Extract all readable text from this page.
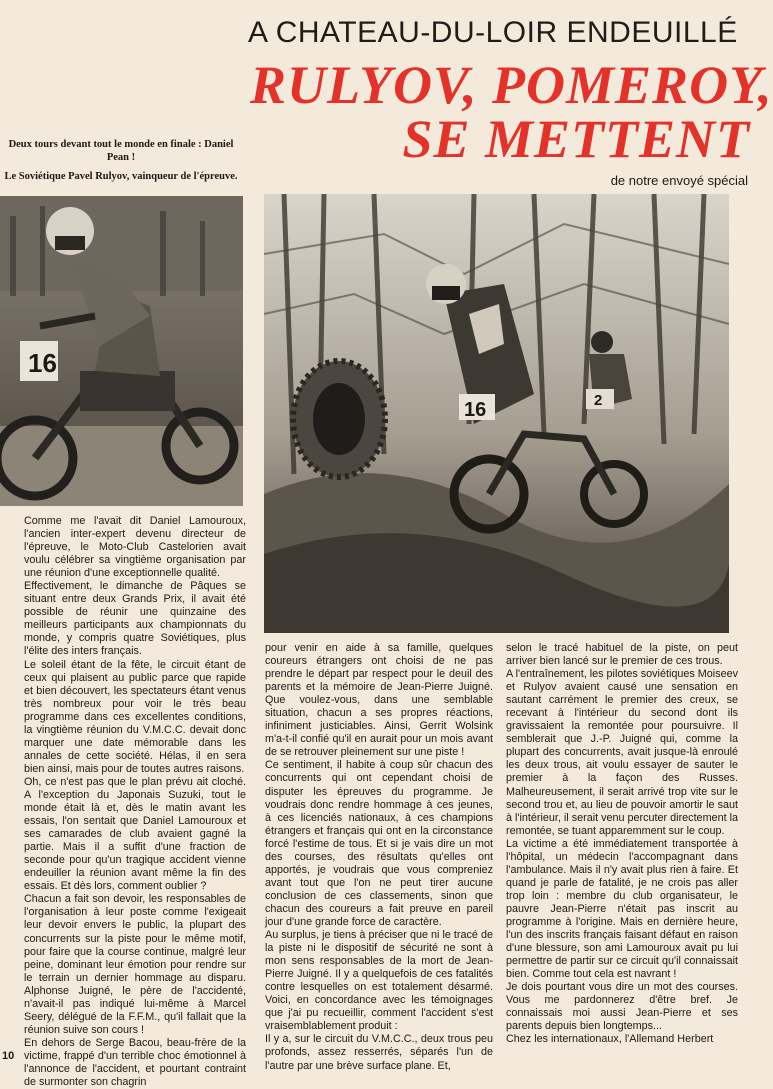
A CHATEAU-DU-LOIR ENDEUILLÉ
RULYOV, POMEROY,
SE METTENT
de notre envoyé spécial

Deux tours devant tout le monde en finale : Daniel Pean !

Le Soviétique Pavel Rulyov, vainqueur de l'épreuve.

16
16	2

Comme me l'avait dit Daniel Lamouroux, l'ancien inter-expert devenu directeur de l'épreuve, le Moto-Club Castelorien avait voulu célébrer sa vingtième organisation par une réunion d'une exceptionnelle qualité.

Effectivement, le dimanche de Pâques se situant entre deux Grands Prix, il avait été possible de réunir une quinzaine des meilleurs participants aux championnats du monde, y compris quatre Soviétiques, plus l'élite des inters français.

Le soleil étant de la fête, le circuit étant de ceux qui plaisent au public parce que rapide et bien découvert, les spectateurs étant venus très nombreux pour voir le très beau programme dans ces excellentes conditions, la vingtième réunion du V.M.C.C. devait donc marquer une date mémorable dans les annales de cette société. Hélas, il en sera bien ainsi, mais pour de toutes autres raisons.

Oh, ce n'est pas que le plan prévu ait cloché. A l'exception du Japonais Suzuki, tout le monde était là et, dès le matin avant les essais, l'on sentait que Daniel Lamouroux et ses camarades de club avaient gagné la partie. Mais il a suffit d'une fraction de seconde pour qu'un tragique accident vienne endeuiller la réunion avant même la fin des essais. Et dès lors, comment oublier ?

Chacun a fait son devoir, les responsables de l'organisation à leur poste comme l'exigeait leur devoir envers le public, la plupart des concurrents sur la piste pour le même motif, pour faire que la course continue, malgré leur peine, dominant leur émotion pour rendre sur le terrain un dernier hommage au disparu. Alphonse Juigné, le père de l'accidenté, n'avait-il pas indiqué lui-même à Marcel Seery, délégué de la F.F.M., qu'il fallait que la réunion suive son cours !

En dehors de Serge Bacou, beau-frère de la victime, frappé d'un terrible choc émotionnel à l'annonce de l'accident, et pourtant contraint de surmonter son chagrin

pour venir en aide à sa famille, quelques coureurs étrangers ont choisi de ne pas prendre le départ par respect pour le deuil des parents et la mémoire de Jean-Pierre Juigné. Que voulez-vous, dans une semblable situation, chacun a ses propres réactions, infiniment justiciables. Ainsi, Gerrit Wolsink m'a-t-il confié qu'il en aurait pour un mois avant de se retrouver pleinement sur une piste !

Ce sentiment, il habite à coup sûr chacun des concurrents qui ont cependant choisi de disputer les épreuves du programme. Je voudrais donc rendre hommage à ces jeunes, à ces licenciés nationaux, à ces champions étrangers et français qui ont en la circonstance forcé l'estime de tous. Et si je vais dire un mot des courses, des résultats qu'elles ont apportés, je voudrais que vous compreniez avant tout que l'on ne peut tirer aucune conclusion de ces classements, sinon que chacun des coureurs a fait preuve en pareil jour d'une grande force de caractère.

Au surplus, je tiens à préciser que ni le tracé de la piste ni le dispositif de sécurité ne sont à mon sens responsables de la mort de Jean-Pierre Juigné. Il y a quelquefois de ces fatalités contre lesquelles on est totalement désarmé. Voici, en concordance avec les témoignages que j'ai pu recueillir, comment l'accident s'est vraisemblablement produit :

Il y a, sur le circuit du V.M.C.C., deux trous peu profonds, assez resserrés, séparés l'un de l'autre par une brève surface plane. Et,

selon le tracé habituel de la piste, on peut arriver bien lancé sur le premier de ces trous.

A l'entraînement, les pilotes soviétiques Moiseev et Rulyov avaient causé une sensation en sautant carrément le premier des creux, se recevant à l'intérieur du second dont ils gravissaient la remontée pour poursuivre. Il semblerait que J.-P. Juigné qui, comme la plupart des concurrents, avait jusque-là enroulé les deux trous, ait voulu essayer de sauter le premier à la façon des Russes. Malheureusement, il serait arrivé trop vite sur le second trou et, au lieu de pouvoir amortir le saut à l'intérieur, il serait venu percuter directement la remontée, se tuant apparemment sur le coup.

La victime a été immédiatement transportée à l'hôpital, un médecin l'accompagnant dans l'ambulance. Mais il n'y avait plus rien à faire. Et quand je parle de fatalité, je ne crois pas aller trop loin : membre du club organisateur, le pauvre Jean-Pierre n'était pas inscrit au programme à l'origine. Mais en dernière heure, l'un des inscrits français faisant défaut en raison d'une blessure, son ami Lamouroux avait pu lui permettre de partir sur ce circuit qu'il connaissait bien. Comme tout cela est navrant !

Je dois pourtant vous dire un mot des courses. Vous me pardonnerez d'être bref. Je connaissais moi aussi Jean-Pierre et ses parents depuis bien longtemps...

Chez les internationaux, l'Allemand Herbert

10
